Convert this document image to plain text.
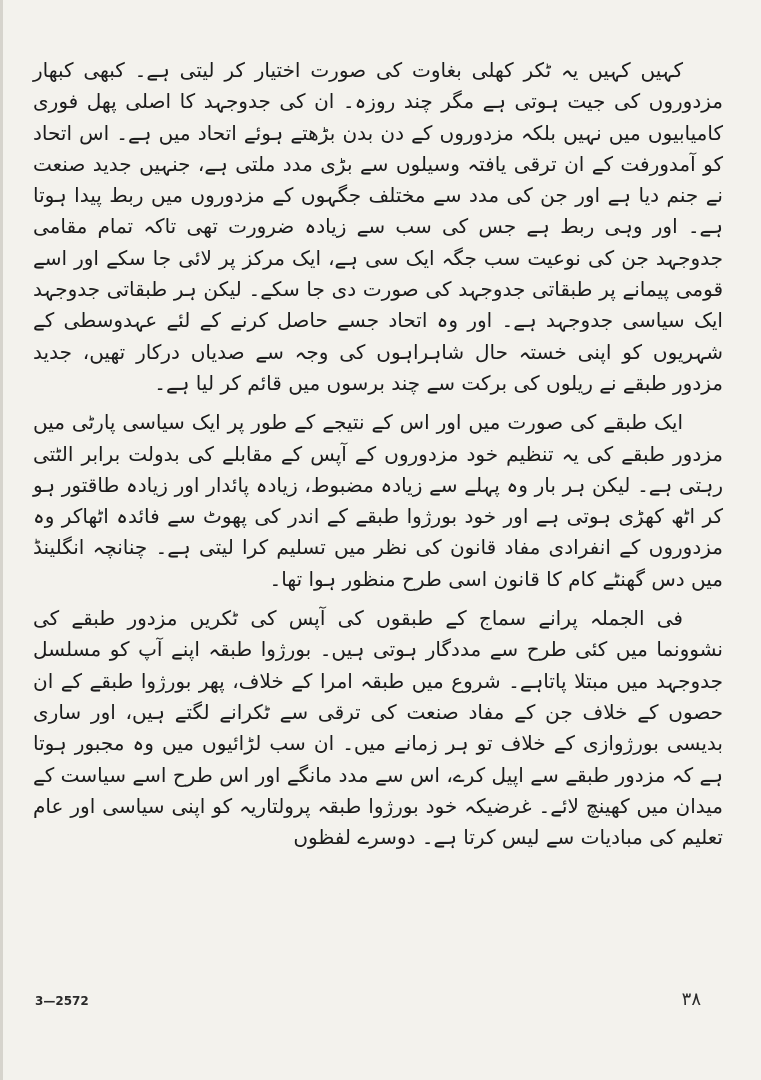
کہیں کہیں یہ ٹکر کھلی بغاوت کی صورت اختیار کر لیتی ہے۔ کبھی کبھار مزدوروں کی جیت ہوتی ہے مگر چند روزہ۔ ان کی جدوجہد کا اصلی پھل فوری کامیابیوں میں نہیں بلکہ مزدوروں کے دن بدن بڑھتے ہوئے اتحاد میں ہے۔ اس اتحاد کو آمدورفت کے ان ترقی یافتہ وسیلوں سے بڑی مدد ملتی ہے، جنہیں جدید صنعت نے جنم دیا ہے اور جن کی مدد سے مختلف جگہوں کے مزدوروں میں ربط پیدا ہوتا ہے۔ اور وہی ربط ہے جس کی سب سے زیادہ ضرورت تھی تاکہ تمام مقامی جدوجہد جن کی نوعیت سب جگہ ایک سی ہے، ایک مرکز پر لائی جا سکے اور اسے قومی پیمانے پر طبقاتی جدوجہد کی صورت دی جا سکے۔ لیکن ہر طبقاتی جدوجہد ایک سیاسی جدوجہد ہے۔ اور وہ اتحاد جسے حاصل کرنے کے لئے عہدوسطی کے شہریوں کو اپنی خستہ حال شاہراہوں کی وجہ سے صدیاں درکار تھیں، جدید مزدور طبقے نے ریلوں کی برکت سے چند برسوں میں قائم کر لیا ہے۔

ایک طبقے کی صورت میں اور اس کے نتیجے کے طور پر ایک سیاسی پارٹی میں مزدور طبقے کی یہ تنظیم خود مزدوروں کے آپس کے مقابلے کی بدولت برابر الٹتی رہتی ہے۔ لیکن ہر بار وہ پہلے سے زیادہ مضبوط، زیادہ پائدار اور زیادہ طاقتور ہو کر اٹھ کھڑی ہوتی ہے اور خود بورژوا طبقے کے اندر کی پھوٹ سے فائدہ اٹھاکر وہ مزدوروں کے انفرادی مفاد قانون کی نظر میں تسلیم کرا لیتی ہے۔ چنانچہ انگلینڈ میں دس گھنٹے کام کا قانون اسی طرح منظور ہوا تھا۔

فی الجملہ پرانے سماج کے طبقوں کی آپس کی ٹکریں مزدور طبقے کی نشوونما میں کئی طرح سے مددگار ہوتی ہیں۔ بورژوا طبقہ اپنے آپ کو مسلسل جدوجہد میں مبتلا پاتاہے۔ شروع میں طبقہ امرا کے خلاف، پھر بورژوا طبقے کے ان حصوں کے خلاف جن کے مفاد صنعت کی ترقی سے ٹکرانے لگتے ہیں، اور ساری بدیسی بورژوازی کے خلاف تو ہر زمانے میں۔ ان سب لڑائیوں میں وہ مجبور ہوتا ہے کہ مزدور طبقے سے اپیل کرے، اس سے مدد مانگے اور اس طرح اسے سیاست کے میدان میں کھینچ لائے۔ غرضیکہ خود بورژوا طبقہ پرولتاریہ کو اپنی سیاسی اور عام تعلیم کی مبادیات سے لیس کرتا ہے۔ دوسرے لفظوں

3—2572	۳۸
